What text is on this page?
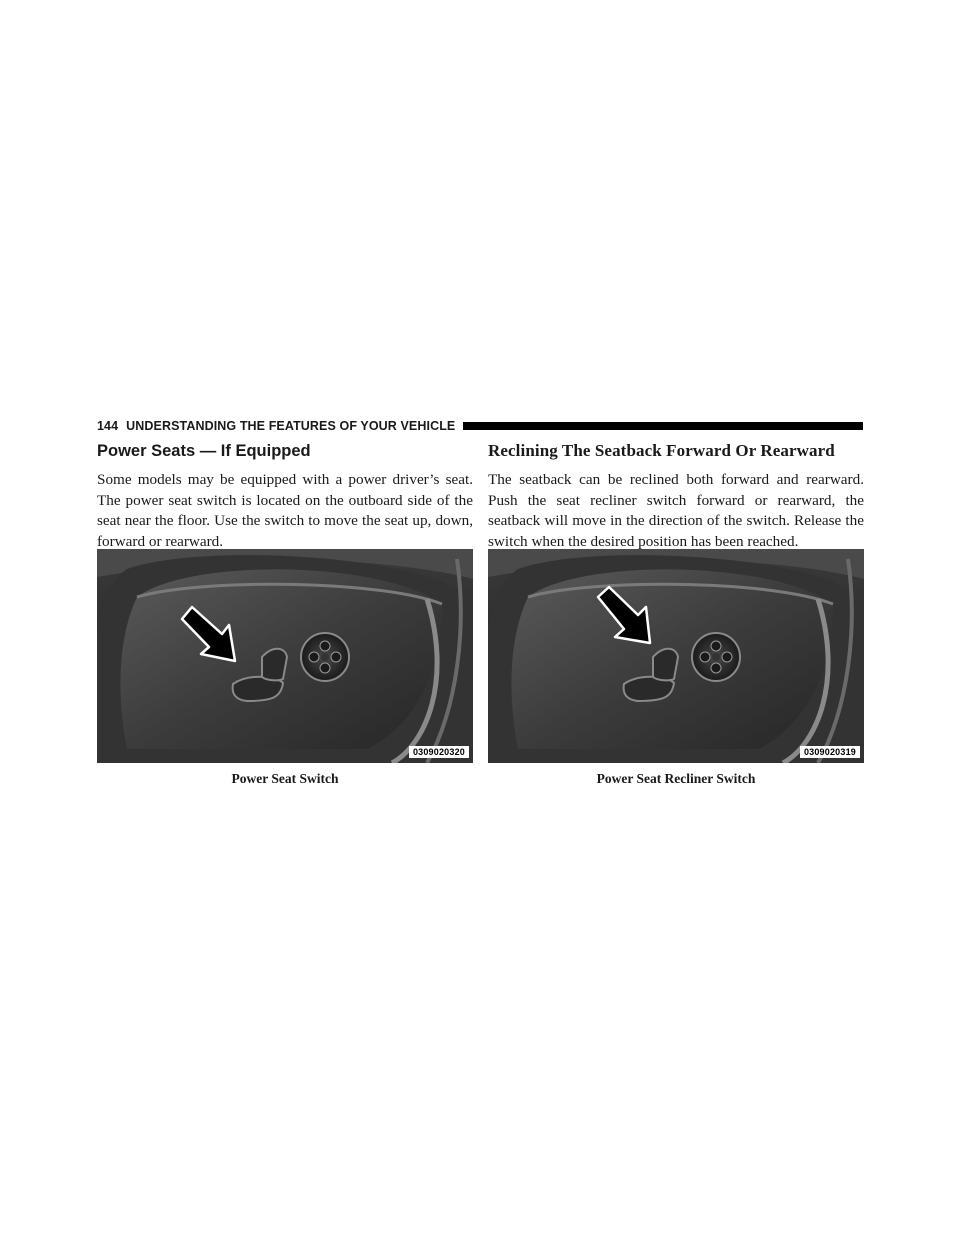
144 UNDERSTANDING THE FEATURES OF YOUR VEHICLE
Power Seats — If Equipped

Some models may be equipped with a power driver’s seat. The power seat switch is located on the outboard side of the seat near the floor. Use the switch to move the seat up, down, forward or rearward.

Reclining The Seatback Forward Or Rearward

The seatback can be reclined both forward and rearward. Push the seat recliner switch forward or rearward, the seatback will move in the direction of the switch. Release the switch when the desired position has been reached.

0309020320
Power Seat Switch
0309020319
Power Seat Recliner Switch
